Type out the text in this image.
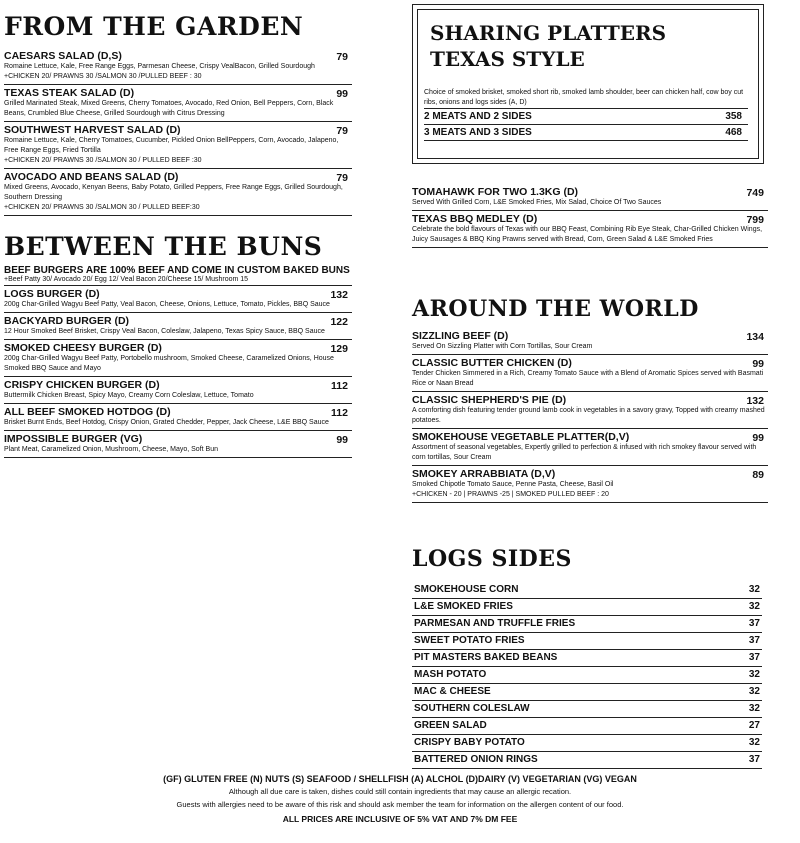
FROM THE GARDEN
CAESARS SALAD (D,S)	79
Romaine Lettuce, Kale, Free Range Eggs, Parmesan Cheese, Crispy VealBacon, Grilled Sourdough
+CHICKEN 20/ PRAWNS 30 /SALMON 30 /PULLED BEEF : 30
TEXAS STEAK SALAD (D)	99
Grilled Marinated Steak, Mixed Greens, Cherry Tomatoes, Avocado, Red Onion, Bell Peppers, Corn, Black Beans, Crumbled Blue Cheese, Grilled Sourdough with Citrus Dressing
SOUTHWEST HARVEST SALAD (D)	79
Romaine Lettuce, Kale, Cherry Tomatoes, Cucumber, Pickled Onion BellPeppers, Corn, Avocado, Jalapeno, Free Range Eggs, Fried Tortilla
+CHICKEN 20/ PRAWNS 30 /SALMON 30 / PULLED BEEF :30
AVOCADO AND BEANS SALAD (D)	79
Mixed Greens, Avocado, Kenyan Beens, Baby Potato, Grilled Peppers, Free Range Eggs, Grilled Sourdough, Southern Dressing
+CHICKEN 20/ PRAWNS 30 /SALMON 30 / PULLED BEEF:30
BETWEEN THE BUNS
BEEF BURGERS ARE 100% BEEF AND COME IN CUSTOM BAKED BUNS
+Beef Patty 30/ Avocado 20/ Egg 12/ Veal Bacon 20/Cheese 15/ Mushroom 15
LOGS BURGER (D)	132
200g Char-Grilled Wagyu Beef Patty, Veal Bacon, Cheese, Onions, Lettuce, Tomato, Pickles, BBQ Sauce
BACKYARD BURGER (D)	122
12 Hour Smoked Beef Brisket, Crispy Veal Bacon, Coleslaw, Jalapeno, Texas Spicy Sauce, BBQ Sauce
SMOKED CHEESY BURGER (D)	129
200g Char-Grilled Wagyu Beef Patty, Portobello mushroom, Smoked Cheese, Caramelized Onions, House Smoked BBQ Sauce and Mayo
CRISPY CHICKEN BURGER (D)	112
Buttermilk Chicken Breast, Spicy Mayo, Creamy Corn Coleslaw, Lettuce, Tomato
ALL BEEF SMOKED HOTDOG (D)	112
Brisket Burnt Ends, Beef Hotdog, Crispy Onion, Grated Chedder, Pepper, Jack Cheese, L&E BBQ Sauce
IMPOSSIBLE BURGER (VG)	99
Plant Meat, Caramelized Onion, Mushroom, Cheese, Mayo, Soft Bun
SHARING PLATTERS
TEXAS STYLE
Choice of smoked brisket, smoked short rib, smoked lamb shoulder, beer can chicken half, cow boy cut ribs, onions and logs sides (A, D)
2 MEATS AND 2 SIDES	358
3 MEATS AND 3 SIDES	468
TOMAHAWK FOR TWO 1.3KG (D)	749
Served With Grilled Corn, L&E Smoked Fries, Mix Salad, Choice Of Two Sauces
TEXAS BBQ MEDLEY (D)	799
Celebrate the bold flavours of Texas with our BBQ Feast, Combining Rib Eye Steak, Char-Grilled Chicken Wings, Juicy Sausages & BBQ King Prawns served with Bread, Corn, Green Salad & L&E Smoked Fries
AROUND THE WORLD
SIZZLING BEEF (D)	134
Served On Sizzling Platter with Corn Tortillas, Sour Cream
CLASSIC BUTTER CHICKEN (D)	99
Tender Chicken Simmered in a Rich, Creamy Tomato Sauce with a Blend of Aromatic Spices served with Basmati Rice or Naan Bread
CLASSIC SHEPHERD'S PIE (D)	132
A comforting dish featuring tender ground lamb cook in vegetables in a savory gravy, Topped with creamy mashed potatoes.
SMOKEHOUSE VEGETABLE PLATTER(D,V)	99
Assortment of seasonal vegetables, Expertly grilled to perfection & infused with rich smokey flavour served with corn tortillas, Sour Cream
SMOKEY ARRABBIATA (D,V)	89
Smoked Chipotle Tomato Sauce, Penne Pasta, Cheese, Basil Oil
+CHICKEN - 20 | PRAWNS -25 | SMOKED PULLED BEEF : 20
LOGS SIDES
SMOKEHOUSE CORN	32
L&E SMOKED FRIES	32
PARMESAN AND TRUFFLE FRIES	37
SWEET POTATO FRIES	37
PIT MASTERS BAKED BEANS	37
MASH POTATO	32
MAC & CHEESE	32
SOUTHERN COLESLAW	32
GREEN SALAD	27
CRISPY BABY POTATO	32
BATTERED ONION RINGS	37
(GF) GLUTEN FREE (N) NUTS (S) SEAFOOD / SHELLFISH (A) ALCHOL (D)DAIRY (V) VEGETARIAN (VG) VEGAN
Although all due care is taken, dishes could still contain ingredients that may cause an allergic recation.
Guests with allergies need to be aware of this risk and should ask member the team for information on the allergen content of our food.
ALL PRICES ARE INCLUSIVE OF 5% VAT AND 7% DM FEE
